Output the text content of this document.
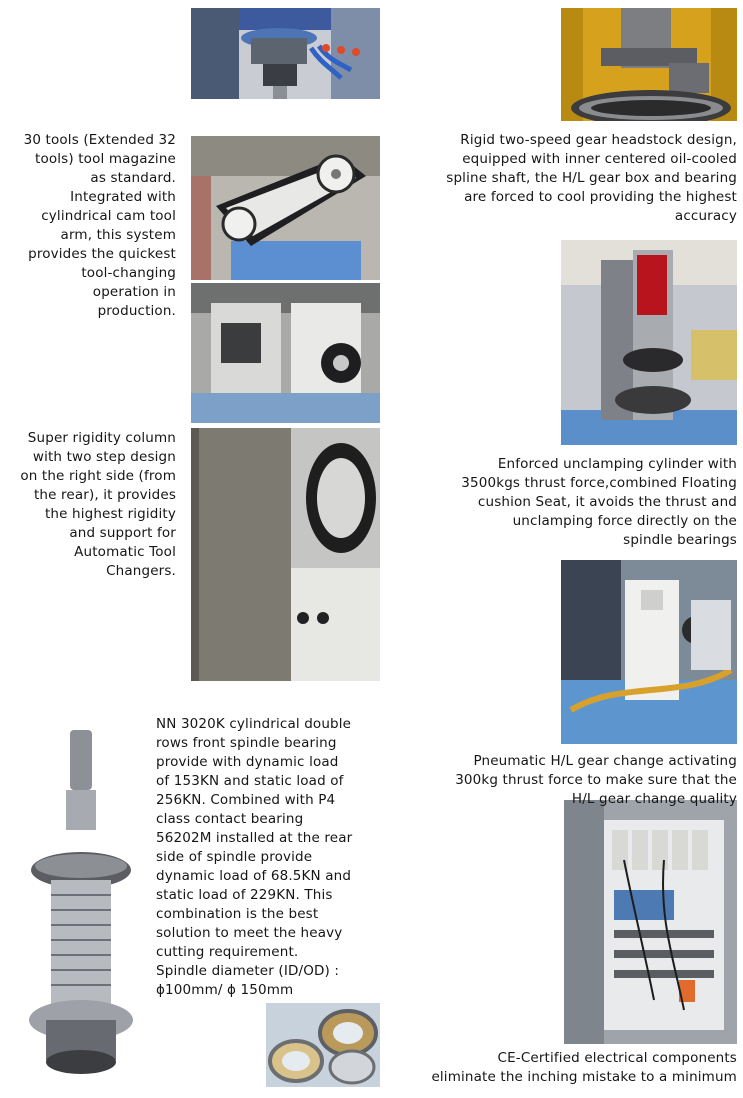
30 tools (Extended 32
tools) tool magazine
as standard.
Integrated with
cylindrical cam tool
arm, this system
provides the quickest
tool-changing
operation in
production.
Rigid two-speed gear headstock design,
equipped with inner centered oil-cooled
spline shaft, the H/L gear box and bearing
are forced to cool providing the highest
accuracy
Super rigidity column
with two step design
on the right side (from
the rear), it provides
the highest rigidity
and support for
Automatic Tool
Changers.
Enforced unclamping cylinder with
3500kgs thrust force,combined Floating
cushion Seat, it avoids the thrust and
unclamping force directly on the
spindle bearings
NN 3020K cylindrical double
rows front spindle bearing
provide with dynamic load
of 153KN and static load of
256KN. Combined with P4
class contact bearing
56202M installed at the rear
side of spindle provide
dynamic load of 68.5KN and
static load of 229KN. This
combination is the best
solution to meet the heavy
cutting requirement.
Spindle diameter (ID/OD) :
ϕ100mm/ ϕ 150mm
Pneumatic H/L gear change activating
300kg thrust force to make sure that the
H/L gear change quality
CE-Certified electrical components
eliminate the inching mistake to a minimum
